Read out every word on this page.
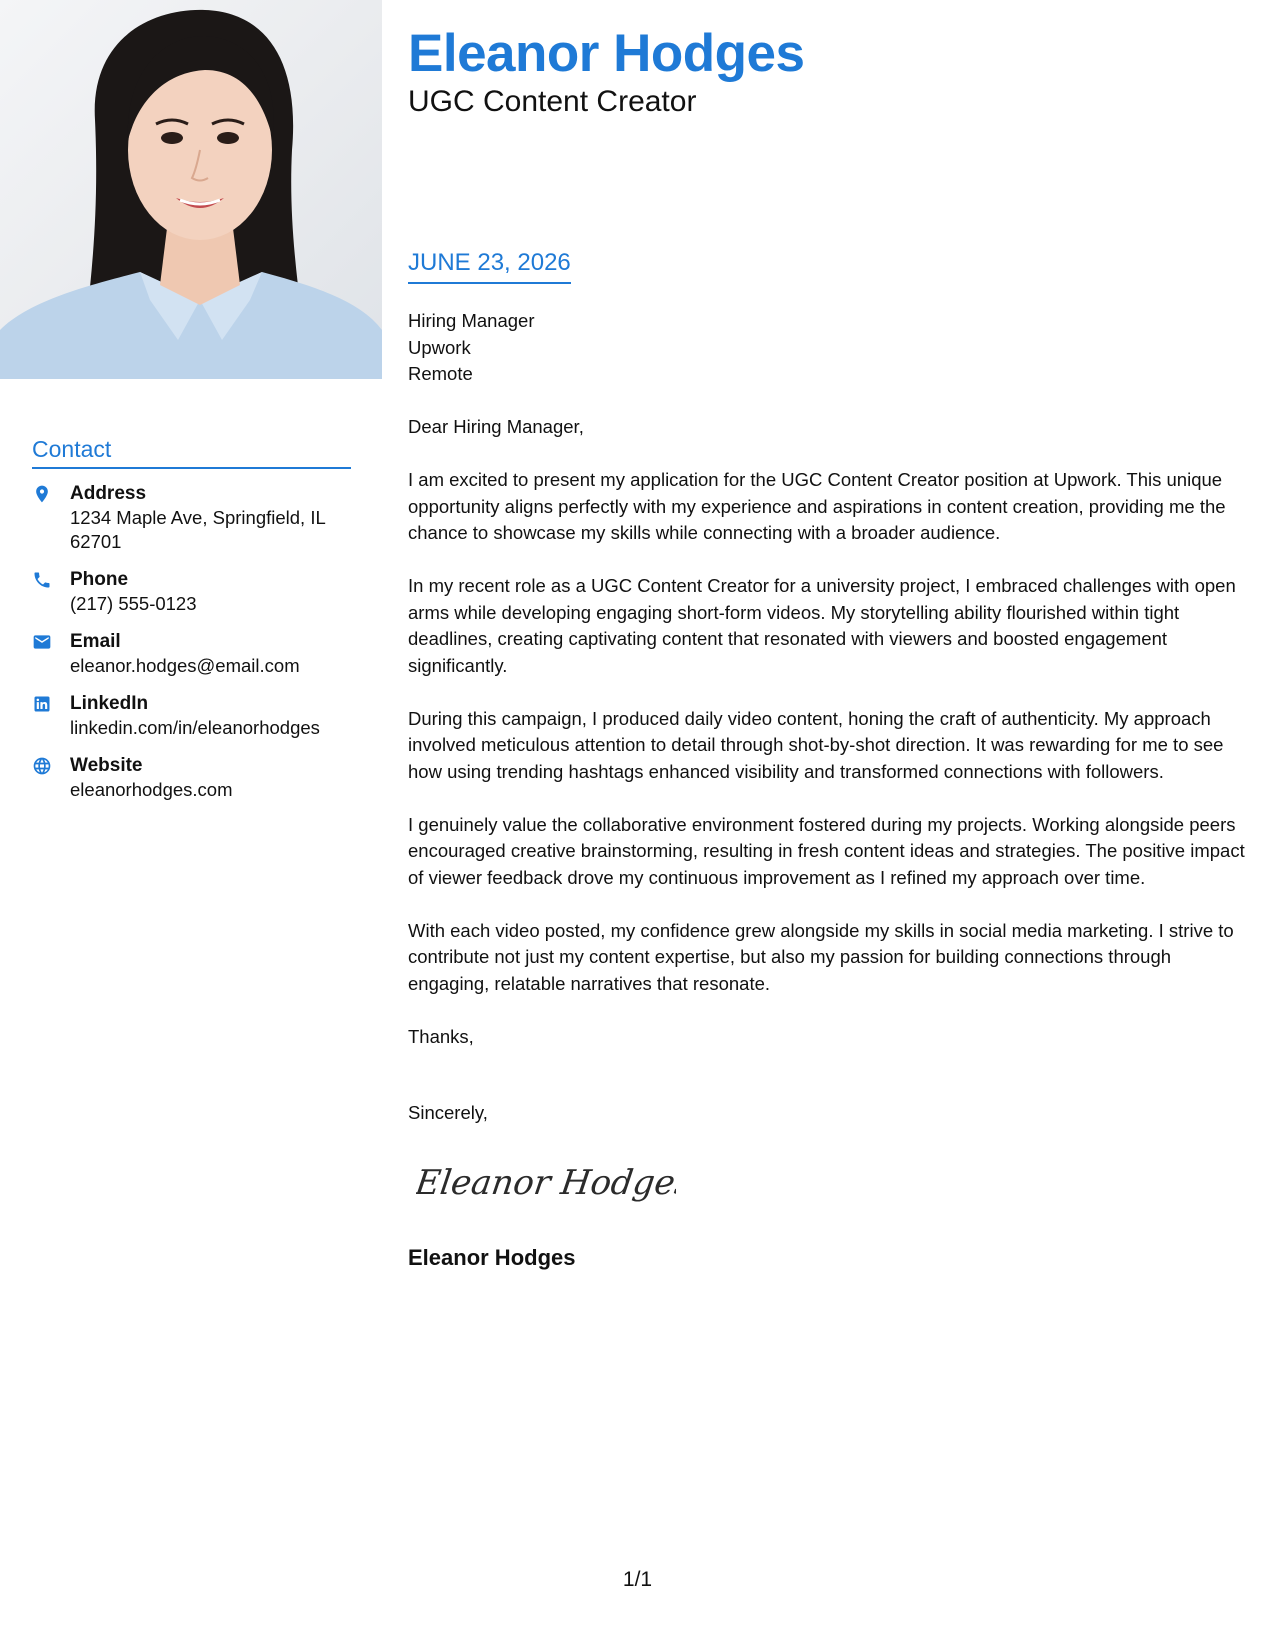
Contact
Address
1234 Maple Ave, Springfield, IL 62701
Phone
(217) 555-0123
Email
eleanor.hodges@email.com
LinkedIn
linkedin.com/in/eleanorhodges
Website
eleanorhodges.com
Eleanor Hodges
UGC Content Creator
JUNE 23, 2026
Hiring Manager
Upwork
Remote

Dear Hiring Manager,

I am excited to present my application for the UGC Content Creator position at Upwork. This unique opportunity aligns perfectly with my experience and aspirations in content creation, providing me the chance to showcase my skills while connecting with a broader audience.

In my recent role as a UGC Content Creator for a university project, I embraced challenges with open arms while developing engaging short-form videos. My storytelling ability flourished within tight deadlines, creating captivating content that resonated with viewers and boosted engagement significantly.

During this campaign, I produced daily video content, honing the craft of authenticity. My approach involved meticulous attention to detail through shot-by-shot direction. It was rewarding for me to see how using trending hashtags enhanced visibility and transformed connections with followers.

I genuinely value the collaborative environment fostered during my projects. Working alongside peers encouraged creative brainstorming, resulting in fresh content ideas and strategies. The positive impact of viewer feedback drove my continuous improvement as I refined my approach over time.

With each video posted, my confidence grew alongside my skills in social media marketing. I strive to contribute not just my content expertise, but also my passion for building connections through engaging, relatable narratives that resonate.

Thanks,

Sincerely,
Eleanor Hodges
Eleanor Hodges
1/1
